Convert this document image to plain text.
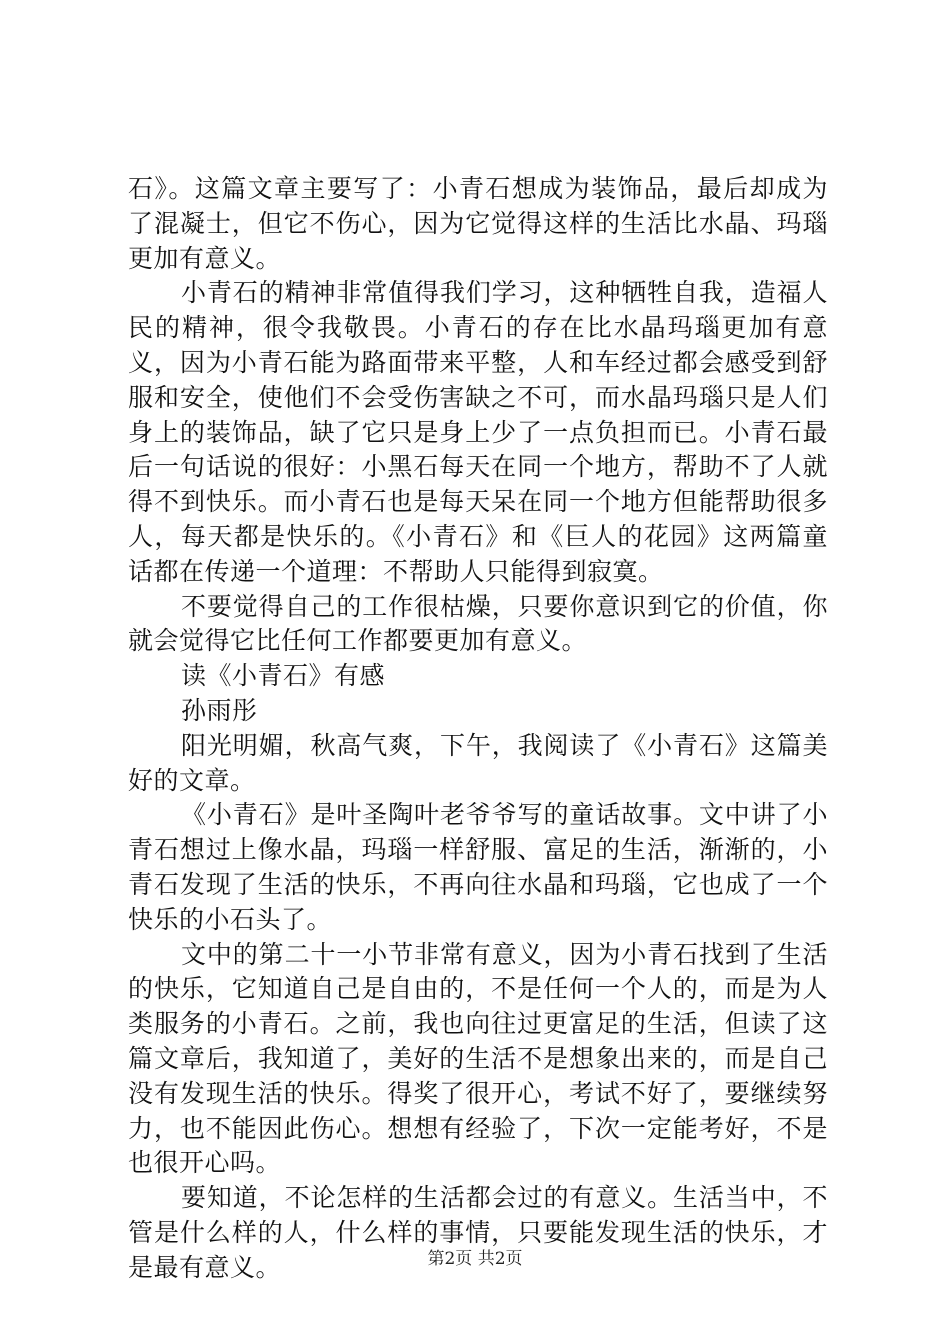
石》。这篇文章主要写了：小青石想成为装饰品，最后却成为了混凝士，但它不伤心，因为它觉得这样的生活比水晶、玛瑙更加有意义。

小青石的精神非常值得我们学习，这种牺牲自我，造福人民的精神，很令我敬畏。小青石的存在比水晶玛瑙更加有意义，因为小青石能为路面带来平整，人和车经过都会感受到舒服和安全，使他们不会受伤害缺之不可，而水晶玛瑙只是人们身上的装饰品，缺了它只是身上少了一点负担而已。小青石最后一句话说的很好：小黑石每天在同一个地方，帮助不了人就得不到快乐。而小青石也是每天呆在同一个地方但能帮助很多人，每天都是快乐的。《小青石》和《巨人的花园》这两篇童话都在传递一个道理：不帮助人只能得到寂寞。

不要觉得自己的工作很枯燥，只要你意识到它的价值，你就会觉得它比任何工作都要更加有意义。

读《小青石》有感

孙雨彤

阳光明媚，秋高气爽，下午，我阅读了《小青石》这篇美好的文章。

《小青石》是叶圣陶叶老爷爷写的童话故事。文中讲了小青石想过上像水晶，玛瑙一样舒服、富足的生活，渐渐的，小青石发现了生活的快乐，不再向往水晶和玛瑙，它也成了一个快乐的小石头了。

文中的第二十一小节非常有意义，因为小青石找到了生活的快乐，它知道自己是自由的，不是任何一个人的，而是为人类服务的小青石。之前，我也向往过更富足的生活，但读了这篇文章后，我知道了，美好的生活不是想象出来的，而是自己没有发现生活的快乐。得奖了很开心，考试不好了，要继续努力，也不能因此伤心。想想有经验了，下次一定能考好，不是也很开心吗。

要知道，不论怎样的生活都会过的有意义。生活当中，不管是什么样的人，什么样的事情，只要能发现生活的快乐，才是最有意义。	第2页 共2页
